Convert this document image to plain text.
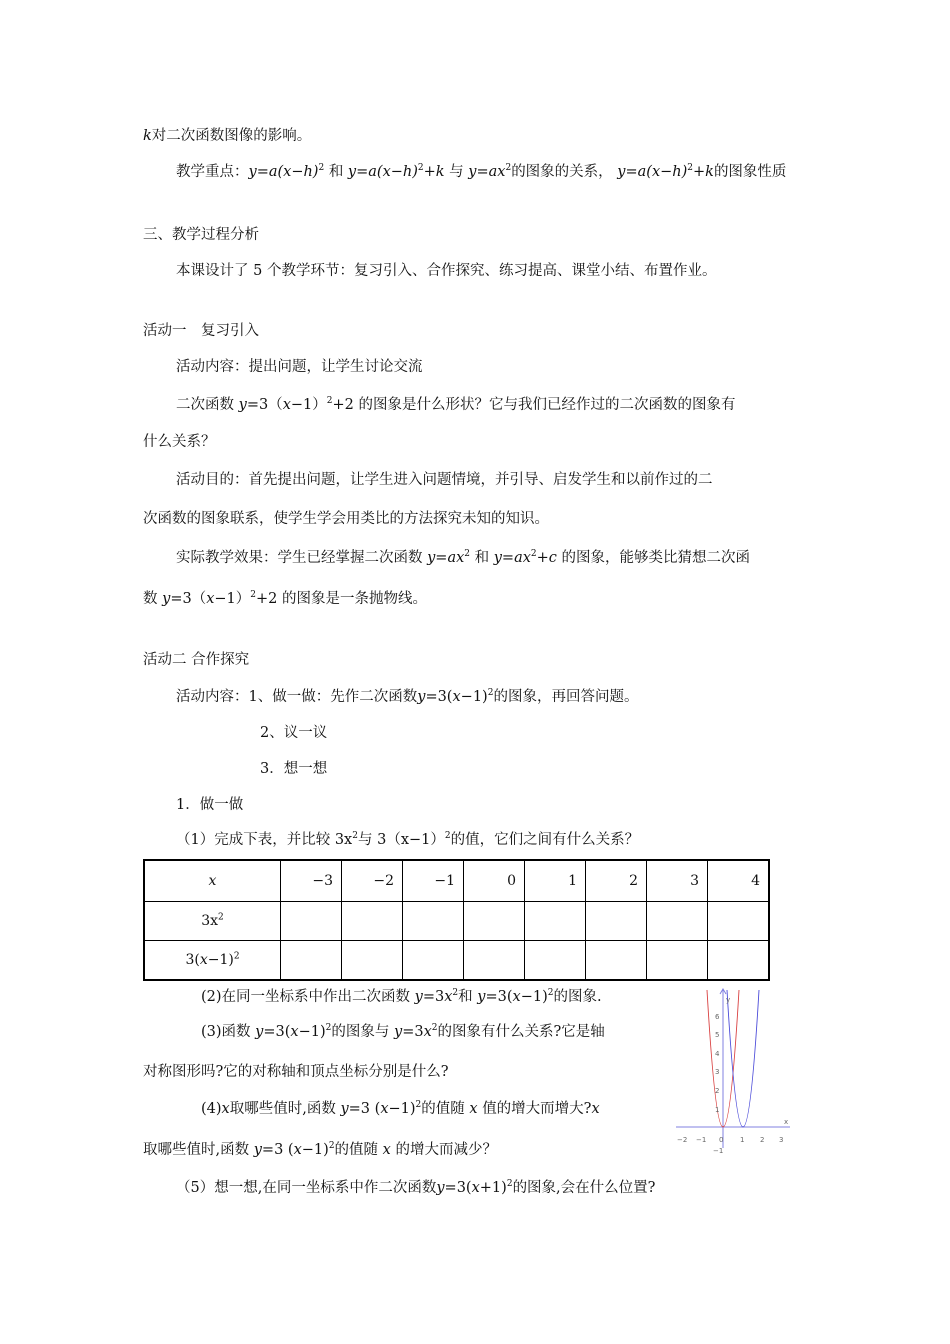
k对二次函数图像的影响。
教学重点：$y=a(x-h)^2$ 和 $y=a(x-h)^2+k$ 与 $y=ax^2$的图象的关系， $y=a(x-h)^2+k$的图象性质
三、教学过程分析
本课设计了 5 个教学环节：复习引入、合作探究、练习提高、课堂小结、布置作业。
活动一　复习引入
活动内容：提出问题，让学生讨论交流
二次函数 $y=3(x-1)^2+2$ 的图象是什么形状？它与我们已经作过的二次函数的图象有
什么关系？
活动目的：首先提出问题，让学生进入问题情境，并引导、启发学生和以前作过的二
次函数的图象联系，使学生学会用类比的方法探究未知的知识。
实际教学效果：学生已经掌握二次函数 $y=ax^2$ 和 $y=ax^2+c$ 的图象，能够类比猜想二次函
数 $y=3(x-1)^2+2$ 的图象是一条抛物线。
活动二 合作探究
活动内容：1、做一做：先作二次函数$y=3(x-1)^2$的图象，再回答问题。
2、议一议
3．想一想
1．做一做
（1）完成下表，并比较 $3x^2$与 $3(x-1)^2$的值，它们之间有什么关系？
x	−3	−2	−1	0	1	2	3	4
$3x^2$								
$3(x-1)^2$								
(2)在同一坐标系中作出二次函数 $y=3x^2$和 $y=3(x-1)^2$的图象.
(3)函数 $y=3(x-1)^2$的图象与 $y=3x^2$的图象有什么关系?它是轴
对称图形吗?它的对称轴和顶点坐标分别是什么?
(4)x取哪些值时,函数 y=3 $(x-1)^2$的值随 x 值的增大而增大?x
取哪些值时,函数 y=3 $(x-1)^2$的值随 x 的增大而减少？
（5）想一想,在同一坐标系中作二次函数$y=3(x+1)^2$的图象,会在什么位置?
y
6
5
4
3
2
1
−1
−2 −1 0 1 2 3
x
